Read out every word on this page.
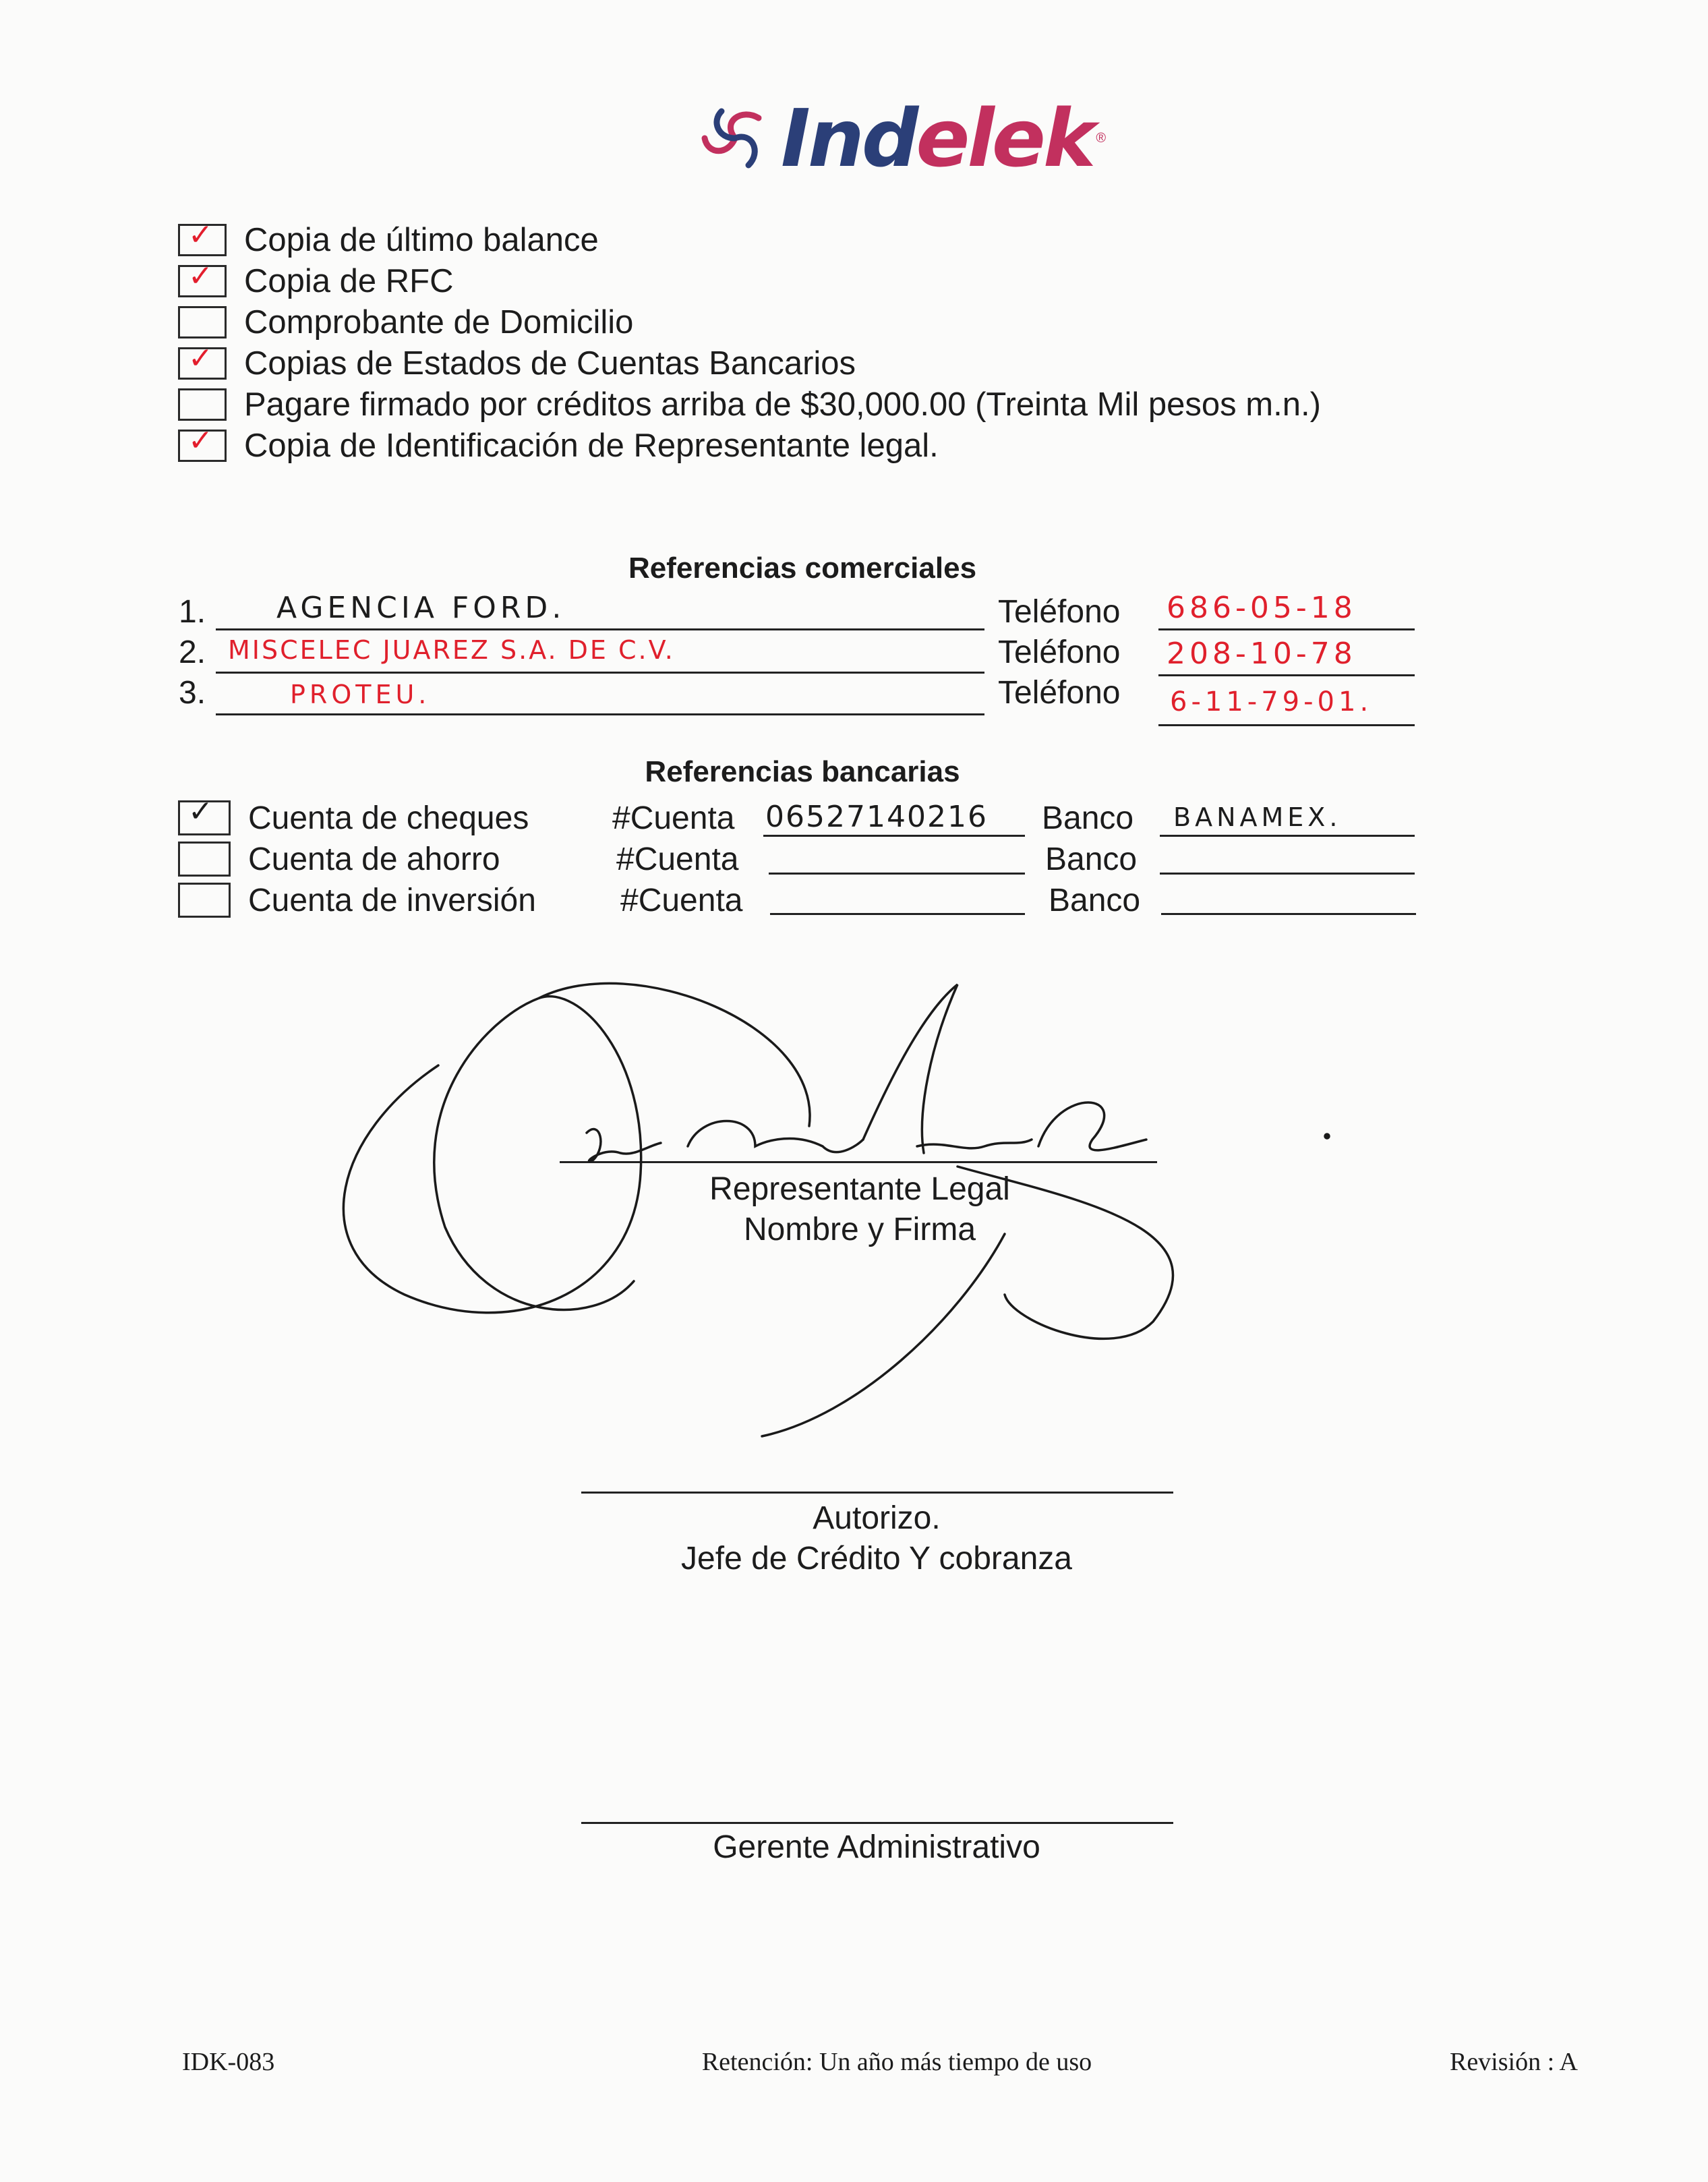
Indelek ®
✓ Copia de último balance
✓ Copia de RFC
Comprobante de Domicilio
✓ Copias de Estados de Cuentas Bancarios
Pagare firmado por créditos arriba de $30,000.00 (Treinta Mil pesos m.n.)
✓ Copia de Identificación de Representante legal.
Referencias comerciales
1. AGENCIA FORD.	Teléfono 686-05-18
2. MISCELEC JUAREZ S.A. DE C.V.	Teléfono 208-10-78
3.	PROTEU.	Teléfono 6-11-79-01.
Referencias bancarias
✓ Cuenta de cheques	#Cuenta 06527140216 Banco BANAMEX.
Cuenta de ahorro	#Cuenta	Banco
Cuenta de inversión	#Cuenta	Banco
Representante Legal
Nombre y Firma
Autorizo.
Jefe de Crédito Y cobranza
Gerente Administrativo
IDK-083	Retención: Un año más tiempo de uso	Revisión : A
